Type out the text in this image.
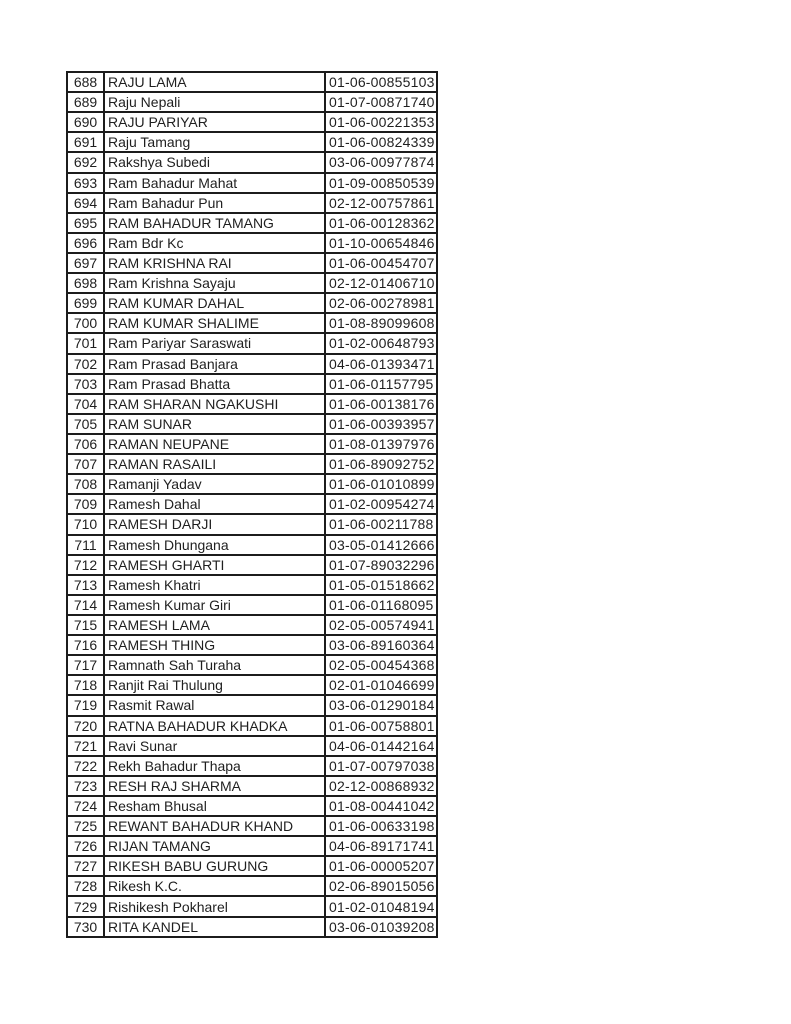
688	RAJU LAMA	01-06-00855103
689	Raju Nepali	01-07-00871740
690	RAJU PARIYAR	01-06-00221353
691	Raju Tamang	01-06-00824339
692	Rakshya Subedi	03-06-00977874
693	Ram Bahadur Mahat	01-09-00850539
694	Ram Bahadur Pun	02-12-00757861
695	RAM BAHADUR TAMANG	01-06-00128362
696	Ram Bdr Kc	01-10-00654846
697	RAM KRISHNA RAI	01-06-00454707
698	Ram Krishna Sayaju	02-12-01406710
699	RAM KUMAR DAHAL	02-06-00278981
700	RAM KUMAR SHALIME	01-08-89099608
701	Ram Pariyar Saraswati	01-02-00648793
702	Ram Prasad Banjara	04-06-01393471
703	Ram Prasad Bhatta	01-06-01157795
704	RAM SHARAN NGAKUSHI	01-06-00138176
705	RAM SUNAR	01-06-00393957
706	RAMAN NEUPANE	01-08-01397976
707	RAMAN RASAILI	01-06-89092752
708	Ramanji Yadav	01-06-01010899
709	Ramesh Dahal	01-02-00954274
710	RAMESH DARJI	01-06-00211788
711	Ramesh Dhungana	03-05-01412666
712	RAMESH GHARTI	01-07-89032296
713	Ramesh Khatri	01-05-01518662
714	Ramesh Kumar Giri	01-06-01168095
715	RAMESH LAMA	02-05-00574941
716	RAMESH THING	03-06-89160364
717	Ramnath Sah Turaha	02-05-00454368
718	Ranjit Rai Thulung	02-01-01046699
719	Rasmit Rawal	03-06-01290184
720	RATNA BAHADUR KHADKA	01-06-00758801
721	Ravi Sunar	04-06-01442164
722	Rekh Bahadur Thapa	01-07-00797038
723	RESH RAJ SHARMA	02-12-00868932
724	Resham Bhusal	01-08-00441042
725	REWANT BAHADUR KHAND	01-06-00633198
726	RIJAN TAMANG	04-06-89171741
727	RIKESH BABU GURUNG	01-06-00005207
728	Rikesh K.C.	02-06-89015056
729	Rishikesh Pokharel	01-02-01048194
730	RITA KANDEL	03-06-01039208
